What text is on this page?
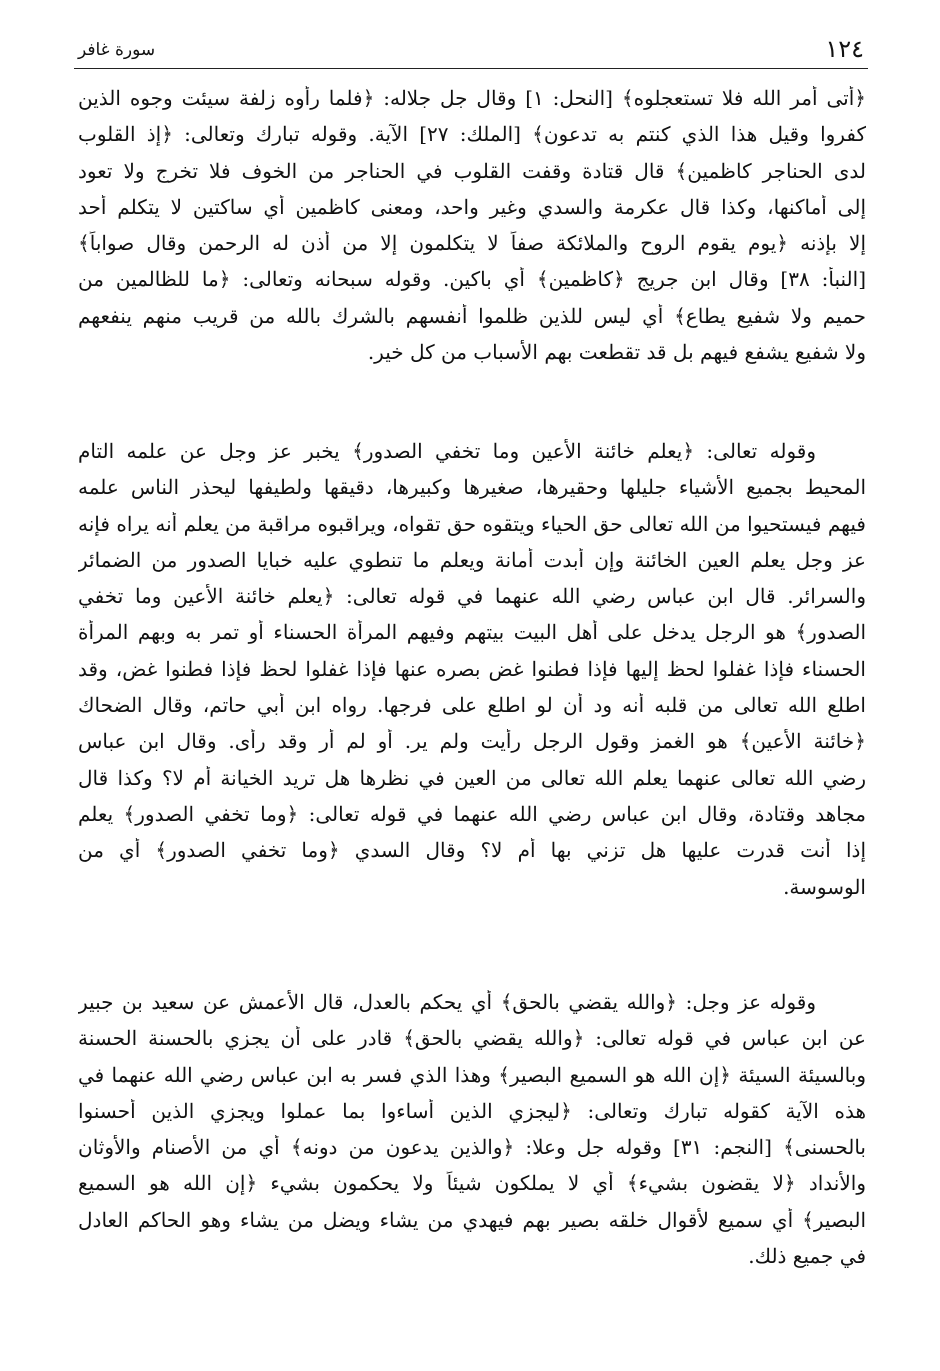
١٢٤
سورة غافر
﴿أتى أمر الله فلا تستعجلوه﴾ [النحل: ١] وقال جل جلاله: ﴿فلما رأوه زلفة سيئت وجوه الذين
كفروا وقيل هذا الذي كنتم به تدعون﴾ [الملك: ٢٧] الآية. وقوله تبارك وتعالى: ﴿إذ القلوب
لدى الحناجر كاظمين﴾ قال قتادة وقفت القلوب في الحناجر من الخوف فلا تخرج ولا تعود
إلى أماكنها، وكذا قال عكرمة والسدي وغير واحد، ومعنى كاظمين أي ساكتين لا يتكلم أحد
إلا بإذنه ﴿يوم يقوم الروح والملائكة صفاً لا يتكلمون إلا من أذن له الرحمن وقال صواباً﴾
[النبأ: ٣٨] وقال ابن جريج ﴿كاظمين﴾ أي باكين. وقوله سبحانه وتعالى: ﴿ما للظالمين من
حميم ولا شفيع يطاع﴾ أي ليس للذين ظلموا أنفسهم بالشرك بالله من قريب منهم ينفعهم
ولا شفيع يشفع فيهم بل قد تقطعت بهم الأسباب من كل خير.
وقوله تعالى: ﴿يعلم خائنة الأعين وما تخفي الصدور﴾ يخبر عز وجل عن علمه التام
المحيط بجميع الأشياء جليلها وحقيرها، صغيرها وكبيرها، دقيقها ولطيفها ليحذر الناس علمه
فيهم فيستحيوا من الله تعالى حق الحياء ويتقوه حق تقواه، ويراقبوه مراقبة من يعلم أنه يراه فإنه
عز وجل يعلم العين الخائنة وإن أبدت أمانة ويعلم ما تنطوي عليه خبايا الصدور من الضمائر
والسرائر. قال ابن عباس رضي الله عنهما في قوله تعالى: ﴿يعلم خائنة الأعين وما تخفي
الصدور﴾ هو الرجل يدخل على أهل البيت بيتهم وفيهم المرأة الحسناء أو تمر به وبهم المرأة
الحسناء فإذا غفلوا لحظ إليها فإذا فطنوا غض بصره عنها فإذا غفلوا لحظ فإذا فطنوا غض، وقد
اطلع الله تعالى من قلبه أنه ود أن لو اطلع على فرجها. رواه ابن أبي حاتم، وقال الضحاك
﴿خائنة الأعين﴾ هو الغمز وقول الرجل رأيت ولم ير. أو لم أر وقد رأى. وقال ابن عباس
رضي الله تعالى عنهما يعلم الله تعالى من العين في نظرها هل تريد الخيانة أم لا؟ وكذا قال
مجاهد وقتادة، وقال ابن عباس رضي الله عنهما في قوله تعالى: ﴿وما تخفي الصدور﴾ يعلم
إذا أنت قدرت عليها هل تزني بها أم لا؟ وقال السدي ﴿وما تخفي الصدور﴾ أي من
الوسوسة.
وقوله عز وجل: ﴿والله يقضي بالحق﴾ أي يحكم بالعدل، قال الأعمش عن سعيد بن جبير
عن ابن عباس في قوله تعالى: ﴿والله يقضي بالحق﴾ قادر على أن يجزي بالحسنة الحسنة
وبالسيئة السيئة ﴿إن الله هو السميع البصير﴾ وهذا الذي فسر به ابن عباس رضي الله عنهما في
هذه الآية كقوله تبارك وتعالى: ﴿ليجزي الذين أساءوا بما عملوا ويجزي الذين أحسنوا
بالحسنى﴾ [النجم: ٣١] وقوله جل وعلا: ﴿والذين يدعون من دونه﴾ أي من الأصنام والأوثان
والأنداد ﴿لا يقضون بشيء﴾ أي لا يملكون شيئاً ولا يحكمون بشيء ﴿إن الله هو السميع
البصير﴾ أي سميع لأقوال خلقه بصير بهم فيهدي من يشاء ويضل من يشاء وهو الحاكم العادل
في جميع ذلك.
